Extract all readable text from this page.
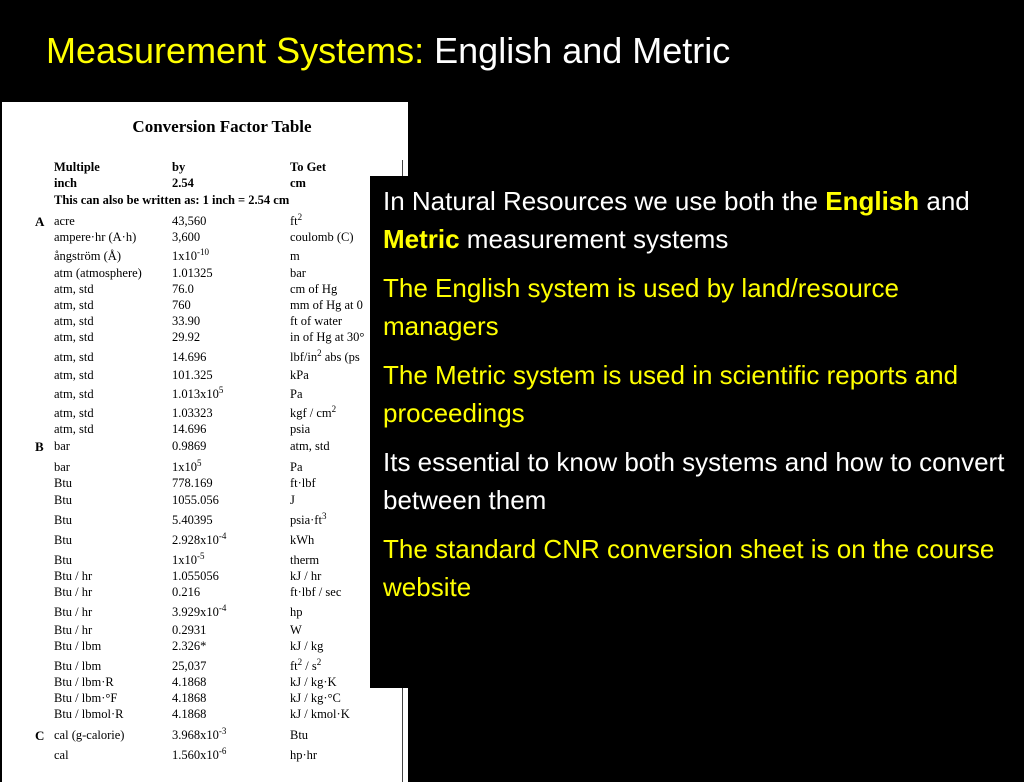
Measurement Systems: English and Metric
Conversion Factor Table
Multiple	by	To Get
inch	2.54	cm
This can also be written as: 1 inch = 2.54 cm
A acre	43,560	$ft^2$
ampere·hr (A·h)	3,600	coulomb (C)
ångström (Å)	$1x10^{-10}$	m
atm (atmosphere) 1.01325	bar
atm, std	76.0	cm of Hg
atm, std	760	mm of Hg at 0
atm, std	33.90	ft of water
atm, std	29.92	in of Hg at 30°
atm, std	14.696	lbf/$in^2$ abs (ps
atm, std	101.325	kPa
atm, std	$1.013x10^5$	Pa
atm, std	1.03323	kgf / $cm^2$
atm, std	14.696	psia
B bar	0.9869	atm, std
bar	$1x10^5$	Pa
Btu	778.169	ft·lbf
Btu	1055.056	J
Btu	5.40395	$psia\cdot ft^3$
Btu	$2.928x10^{-4}$	kWh
Btu	$1x10^{-5}$	therm
Btu / hr	1.055056	kJ / hr
Btu / hr	0.216	ft·lbf / sec
Btu / hr	$3.929x10^{-4}$	hp
Btu / hr	0.2931	W
Btu / lbm	2.326*	kJ / kg
Btu / lbm	25,037	$ft^2 / s^2$
Btu / lbm·R	4.1868	kJ / kg·K
Btu / lbm·°F	4.1868	kJ / kg·°C
Btu / lbmol·R	4.1868	kJ / kmol·K
C cal (g-calorie)	$3.968x10^{-3}$	Btu
cal	$1.560x10^{-6}$	hp·hr

In Natural Resources we use both the English and Metric measurement systems

The English system is used by land/resource managers

The Metric system is used in scientific reports and proceedings

Its essential to know both systems and how to convert between them

The standard CNR conversion sheet is on the course website
